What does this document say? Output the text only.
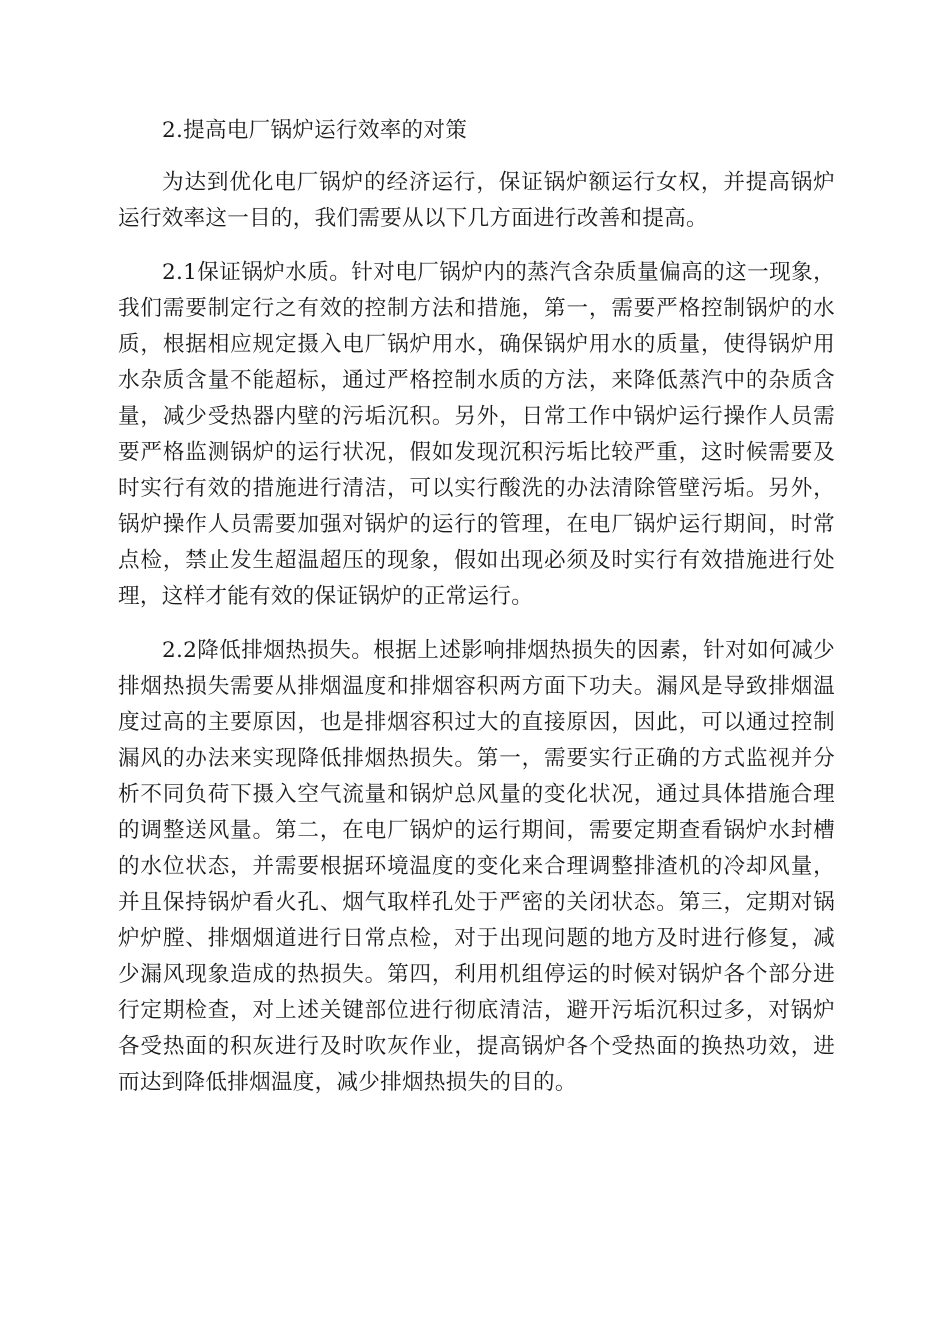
2.提高电厂锅炉运行效率的对策

为达到优化电厂锅炉的经济运行，保证锅炉额运行女权，并提高锅炉运行效率这一目的，我们需要从以下几方面进行改善和提高。

2.1保证锅炉水质。针对电厂锅炉内的蒸汽含杂质量偏高的这一现象，我们需要制定行之有效的控制方法和措施，第一，需要严格控制锅炉的水质，根据相应规定摄入电厂锅炉用水，确保锅炉用水的质量，使得锅炉用水杂质含量不能超标，通过严格控制水质的方法，来降低蒸汽中的杂质含量，减少受热器内壁的污垢沉积。另外，日常工作中锅炉运行操作人员需要严格监测锅炉的运行状况，假如发现沉积污垢比较严重，这时候需要及时实行有效的措施进行清洁，可以实行酸洗的办法清除管壁污垢。另外，锅炉操作人员需要加强对锅炉的运行的管理，在电厂锅炉运行期间，时常点检，禁止发生超温超压的现象，假如出现必须及时实行有效措施进行处理，这样才能有效的保证锅炉的正常运行。

2.2降低排烟热损失。根据上述影响排烟热损失的因素，针对如何减少排烟热损失需要从排烟温度和排烟容积两方面下功夫。漏风是导致排烟温度过高的主要原因，也是排烟容积过大的直接原因，因此，可以通过控制漏风的办法来实现降低排烟热损失。第一，需要实行正确的方式监视并分析不同负荷下摄入空气流量和锅炉总风量的变化状况，通过具体措施合理的调整送风量。第二，在电厂锅炉的运行期间，需要定期查看锅炉水封槽的水位状态，并需要根据环境温度的变化来合理调整排渣机的冷却风量，并且保持锅炉看火孔、烟气取样孔处于严密的关闭状态。第三，定期对锅炉炉膛、排烟烟道进行日常点检，对于出现问题的地方及时进行修复，减少漏风现象造成的热损失。第四，利用机组停运的时候对锅炉各个部分进行定期检查，对上述关键部位进行彻底清洁，避开污垢沉积过多，对锅炉各受热面的积灰进行及时吹灰作业，提高锅炉各个受热面的换热功效，进而达到降低排烟温度，减少排烟热损失的目的。
